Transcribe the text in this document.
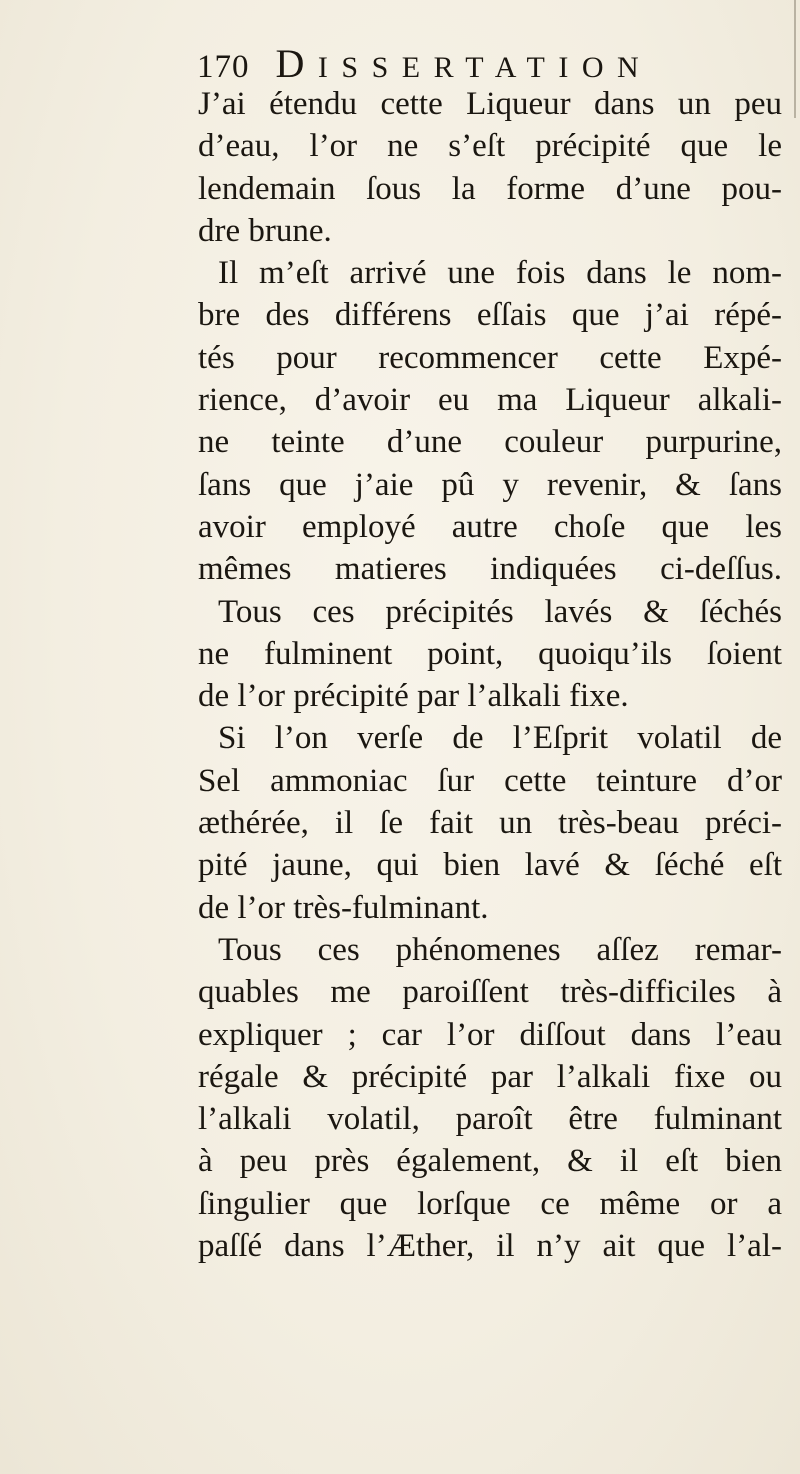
170 DISSERTATION
J’ai étendu cette Liqueur dans un peu
d’eau, l’or ne s’eſt précipité que le
lendemain ſous la forme d’une pou-
dre brune.
Il m’eſt arrivé une fois dans le nom-
bre des différens eſſais que j’ai répé-
tés pour recommencer cette Expé-
rience, d’avoir eu ma Liqueur alkali-
ne teinte d’une couleur purpurine,
ſans que j’aie pû y revenir, & ſans
avoir employé autre choſe que les
mêmes matieres indiquées ci-deſſus.
Tous ces précipités lavés & ſéchés
ne fulminent point, quoiqu’ils ſoient
de l’or précipité par l’alkali fixe.
Si l’on verſe de l’Eſprit volatil de
Sel ammoniac ſur cette teinture d’or
æthérée, il ſe fait un très-beau préci-
pité jaune, qui bien lavé & ſéché eſt
de l’or très-fulminant.
Tous ces phénomenes aſſez remar-
quables me paroiſſent très-difficiles à
expliquer ; car l’or diſſout dans l’eau
régale & précipité par l’alkali fixe ou
l’alkali volatil, paroît être fulminant
à peu près également, & il eſt bien
ſingulier que lorſque ce même or a
paſſé dans l’Æther, il n’y ait que l’al-
